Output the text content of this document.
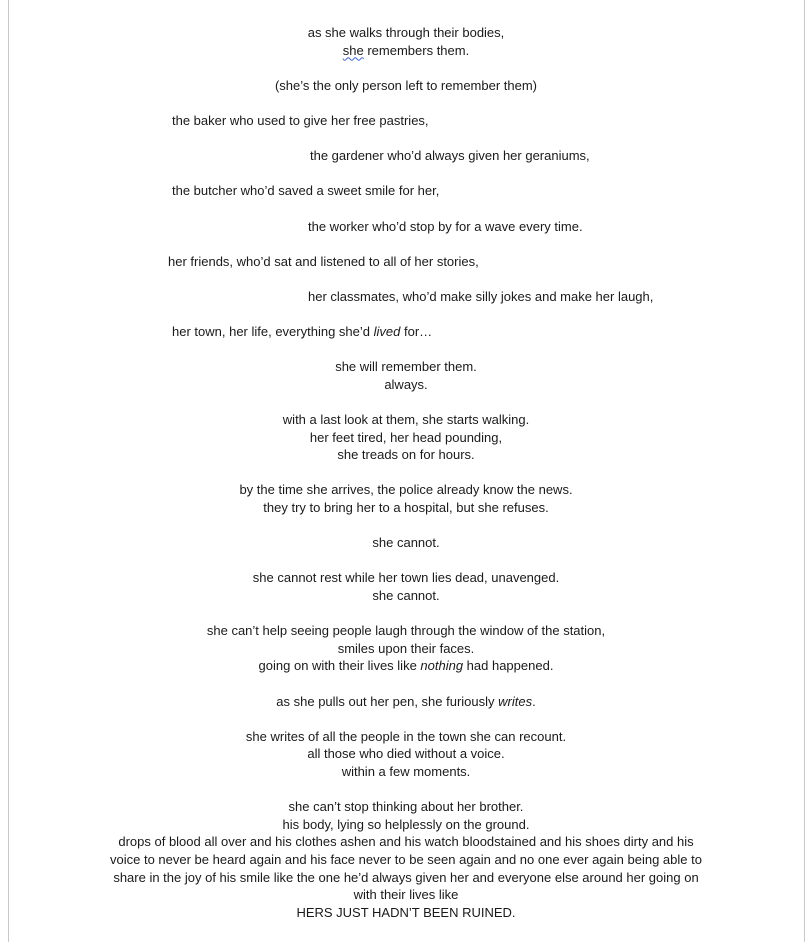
as she walks through their bodies,
she remembers them.
(she’s the only person left to remember them)
the baker who used to give her free pastries,
the gardener who’d always given her geraniums,
the butcher who’d saved a sweet smile for her,
the worker who’d stop by for a wave every time.
her friends, who’d sat and listened to all of her stories,
her classmates, who’d make silly jokes and make her laugh,
her town, her life, everything she’d lived for…
she will remember them.
always.
with a last look at them, she starts walking.
her feet tired, her head pounding,
she treads on for hours.
by the time she arrives, the police already know the news.
they try to bring her to a hospital, but she refuses.
she cannot.
she cannot rest while her town lies dead, unavenged.
she cannot.
she can’t help seeing people laugh through the window of the station,
smiles upon their faces.
going on with their lives like nothing had happened.
as she pulls out her pen, she furiously writes.
she writes of all the people in the town she can recount.
all those who died without a voice.
within a few moments.
she can’t stop thinking about her brother.
his body, lying so helplessly on the ground.
drops of blood all over and his clothes ashen and his watch bloodstained and his shoes dirty and his voice to never be heard again and his face never to be seen again and no one ever again being able to share in the joy of his smile like the one he’d always given her and everyone else around her going on with their lives like
HERS JUST HADN’T BEEN RUINED.
